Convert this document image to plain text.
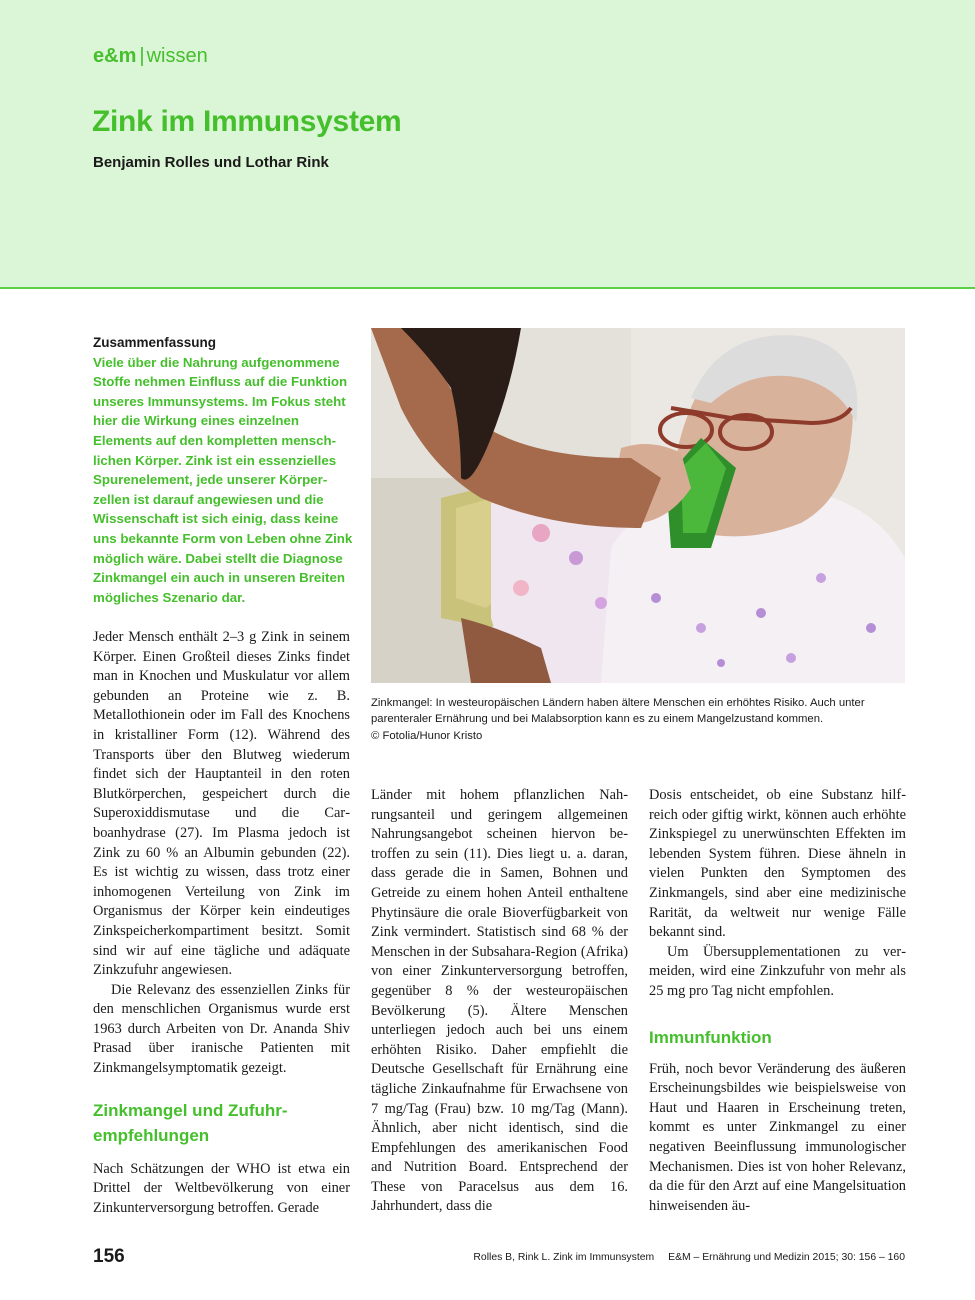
e&m | wissen
Zink im Immunsystem
Benjamin Rolles und Lothar Rink
Zusammenfassung
Viele über die Nahrung aufgenommene Stoffe nehmen Einfluss auf die Funktion unseres Immunsystems. Im Fokus steht hier die Wirkung eines einzelnen Elements auf den kompletten menschlichen Körper. Zink ist ein essenzielles Spurenelement, jede unserer Körperzellen ist darauf angewiesen und die Wissenschaft ist sich einig, dass keine uns bekannte Form von Leben ohne Zink möglich wäre. Dabei stellt die Diagnose Zinkmangel ein auch in unseren Breiten mögliches Szenario dar.
Zinkmangel: In westeuropäischen Ländern haben ältere Menschen ein erhöhtes Risiko. Auch unter parenteraler Ernährung und bei Malabsorption kann es zu einem Mangelzustand kommen.
© Fotolia/Hunor Kristo

Jeder Mensch enthält 2–3 g Zink in seinem Körper. Einen Großteil dieses Zinks findet man in Knochen und Muskulatur vor allem gebunden an Proteine wie z. B. Metallothionein oder im Fall des Knochens in kristalliner Form (12). Während des Transports über den Blutweg wiederum findet sich der Hauptanteil in den roten Blutkörperchen, gespeichert durch die Superoxiddismutase und die Carboanhydrase (27). Im Plasma jedoch ist Zink zu 60 % an Albumin gebunden (22). Es ist wichtig zu wissen, dass trotz einer inhomogenen Verteilung von Zink im Organismus der Körper kein eindeutiges Zinkspeicherkompartiment besitzt. Somit sind wir auf eine tägliche und adäquate Zinkzufuhr angewiesen.

Die Relevanz des essenziellen Zinks für den menschlichen Organismus wurde erst 1963 durch Arbeiten von Dr. Ananda Shiv Prasad über iranische Patienten mit Zinkmangelsymptomatik gezeigt.

Zinkmangel und Zufuhrempfehlungen

Nach Schätzungen der WHO ist etwa ein Drittel der Weltbevölkerung von einer Zinkunterversorgung betroffen. Gerade

Länder mit hohem pflanzlichen Nahrungsanteil und geringem allgemeinen Nahrungsangebot scheinen hiervon betroffen zu sein (11). Dies liegt u. a. daran, dass gerade die in Samen, Bohnen und Getreide zu einem hohen Anteil enthaltene Phytinsäure die orale Bioverfügbarkeit von Zink vermindert. Statistisch sind 68 % der Menschen in der Subsahara-Region (Afrika) von einer Zinkunterversorgung betroffen, gegenüber 8 % der westeuropäischen Bevölkerung (5). Ältere Menschen unterliegen jedoch auch bei uns einem erhöhten Risiko. Daher empfiehlt die Deutsche Gesellschaft für Ernährung eine tägliche Zinkaufnahme für Erwachsene von 7 mg/Tag (Frau) bzw. 10 mg/Tag (Mann). Ähnlich, aber nicht identisch, sind die Empfehlungen des amerikanischen Food and Nutrition Board. Entsprechend der These von Paracelsus aus dem 16. Jahrhundert, dass die

Dosis entscheidet, ob eine Substanz hilfreich oder giftig wirkt, können auch erhöhte Zinkspiegel zu unerwünschten Effekten im lebenden System führen. Diese ähneln in vielen Punkten den Symptomen des Zinkmangels, sind aber eine medizinische Rarität, da weltweit nur wenige Fälle bekannt sind.

Um Übersupplementationen zu vermeiden, wird eine Zinkzufuhr von mehr als 25 mg pro Tag nicht empfohlen.

Immunfunktion

Früh, noch bevor Veränderung des äußeren Erscheinungsbildes wie beispielsweise von Haut und Haaren in Erscheinung treten, kommt es unter Zinkmangel zu einer negativen Beeinflussung immunologischer Mechanismen. Dies ist von hoher Relevanz, da die für den Arzt auf eine Mangelsituation hinweisenden äu-

156	Rolles B, Rink L. Zink im Immunsystem E&M – Ernährung und Medizin 2015; 30: 156 – 160
